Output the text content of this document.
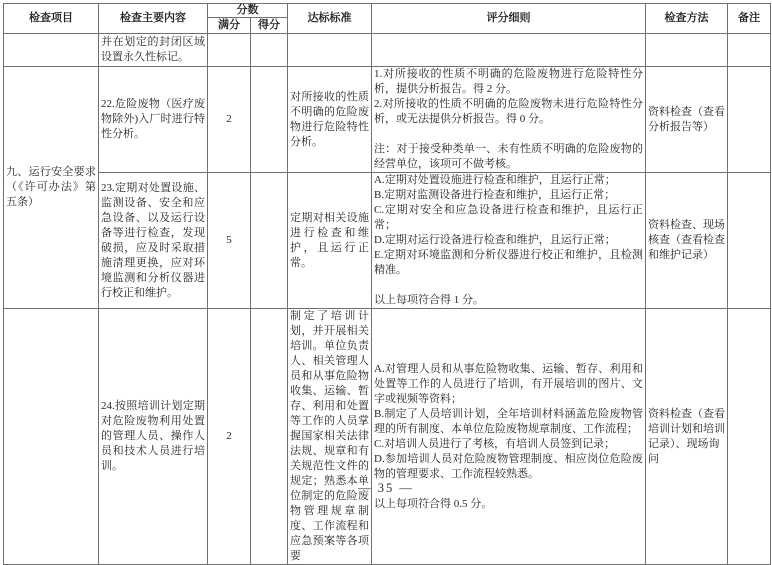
检查项目	检查主要内容	分数		达标标准	评分细则	检查方法	备注
		满分	得分				
	并在划定的封闭区域设置永久性标记。						
九、运行安全要求（《许可办法》第五条）	22.危险废物（医疗废物除外)入厂时进行特性分析。	2		对所接收的性质不明确的危险废物进行危险特性分析。	1.对所接收的性质不明确的危险废物进行危险特性分析，提供分析报告。得 2 分。
2.对所接收的性质不明确的危险废物未进行危险特性分析，或无法提供分析报告。得 0 分。

注：对于接受种类单一、未有性质不明确的危险废物的经营单位，该项可不做考核。	资料检查（查看分析报告等）	
23.定期对处置设施、监测设备、安全和应急设备、以及运行设备等进行检查，发现破损，应及时采取措施清理更换，应对环境监测和分析仪器进行校正和维护。	5		定期对相关设施进行检查和维护，且运行正常。	A.定期对处置设施进行检查和维护，且运行正常；
B.定期对监测设备进行检查和维护，且运行正常；
C.定期对安全和应急设备进行检查和维护，且运行正常；
D.定期对运行设备进行检查和维护，且运行正常；
E.定期对环境监测和分析仪器进行校正和维护，且检测精准。

以上每项符合得 1 分。	资料检查、现场核查（查看检查和维护记录）	
	24.按照培训计划定期对危险废物利用处置的管理人员、操作人员和技术人员进行培训。	2		制定了培训计划，并开展相关培训。单位负责人、相关管理人员和从事危险物收集、运输、暂存、利用和处置等工作的人员掌握国家相关法律法规、规章和有关规范性文件的规定；熟悉本单位制定的危险废物管理规章制度、工作流程和应急预案等各项要	A.对管理人员和从事危险物收集、运输、暂存、利用和处置等工作的人员进行了培训，有开展培训的图片、文字或视频等资料；
B.制定了人员培训计划，全年培训材料涵盖危险废物管理的所有制度、本单位危险废物规章制度、工作流程；
C.对培训人员进行了考核，有培训人员签到记录；
D.参加培训人员对危险废物管理制度、相应岗位危险废物的管理要求、工作流程较熟悉。

以上每项符合得 0.5 分。	资料检查（查看培训计划和培训记录）、现场询问	
— 35 —
